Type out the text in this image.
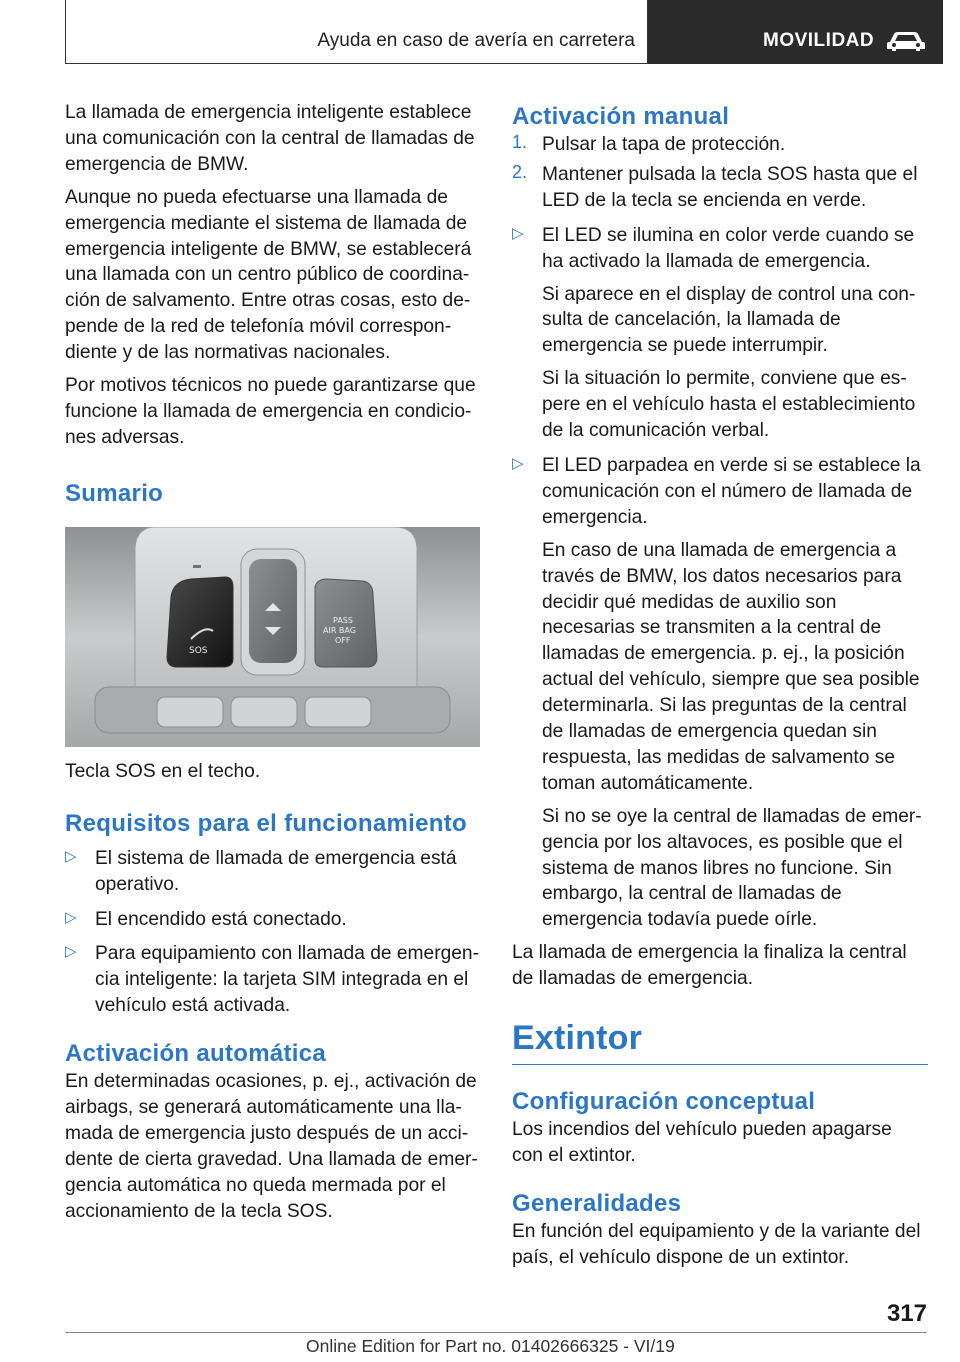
Ayuda en caso de avería en carretera	MOVILIDAD

La llamada de emergencia inteligente establece una comunicación con la central de llamadas de emergencia de BMW.

Aunque no pueda efectuarse una llamada de emergencia mediante el sistema de llamada de emergencia inteligente de BMW, se establecerá una llamada con un centro público de coordinación de salvamento. Entre otras cosas, esto depende de la red de telefonía móvil correspondiente y de las normativas nacionales.

Por motivos técnicos no puede garantizarse que funcione la llamada de emergencia en condiciones adversas.

Sumario
SOS
PASS
AIR BAG
OFF

Tecla SOS en el techo.

Requisitos para el funcionamiento
▷ El sistema de llamada de emergencia está operativo.

▷ El encendido está conectado.

▷ Para equipamiento con llamada de emergencia inteligente: la tarjeta SIM integrada en el vehículo está activada.

Activación automática

En determinadas ocasiones, p. ej., activación de airbags, se generará automáticamente una llamada de emergencia justo después de un accidente de cierta gravedad. Una llamada de emergencia automática no queda mermada por el accionamiento de la tecla SOS.

Activación manual
1. Pulsar la tapa de protección.

2. Mantener pulsada la tecla SOS hasta que el LED de la tecla se encienda en verde.

▷ El LED se ilumina en color verde cuando se ha activado la llamada de emergencia.

Si aparece en el display de control una consulta de cancelación, la llamada de emergencia se puede interrumpir.

Si la situación lo permite, conviene que espere en el vehículo hasta el establecimiento de la comunicación verbal.

▷ El LED parpadea en verde si se establece la comunicación con el número de llamada de emergencia.

En caso de una llamada de emergencia a través de BMW, los datos necesarios para decidir qué medidas de auxilio son necesarias se transmiten a la central de llamadas de emergencia. p. ej., la posición actual del vehículo, siempre que sea posible determinarla. Si las preguntas de la central de llamadas de emergencia quedan sin respuesta, las medidas de salvamento se toman automáticamente.

Si no se oye la central de llamadas de emergencia por los altavoces, es posible que el sistema de manos libres no funcione. Sin embargo, la central de llamadas de emergencia todavía puede oírle.

La llamada de emergencia la finaliza la central de llamadas de emergencia.

Extintor
Configuración conceptual

Los incendios del vehículo pueden apagarse con el extintor.

Generalidades

En función del equipamiento y de la variante del país, el vehículo dispone de un extintor.

317
Online Edition for Part no. 01402666325 - VI/19
